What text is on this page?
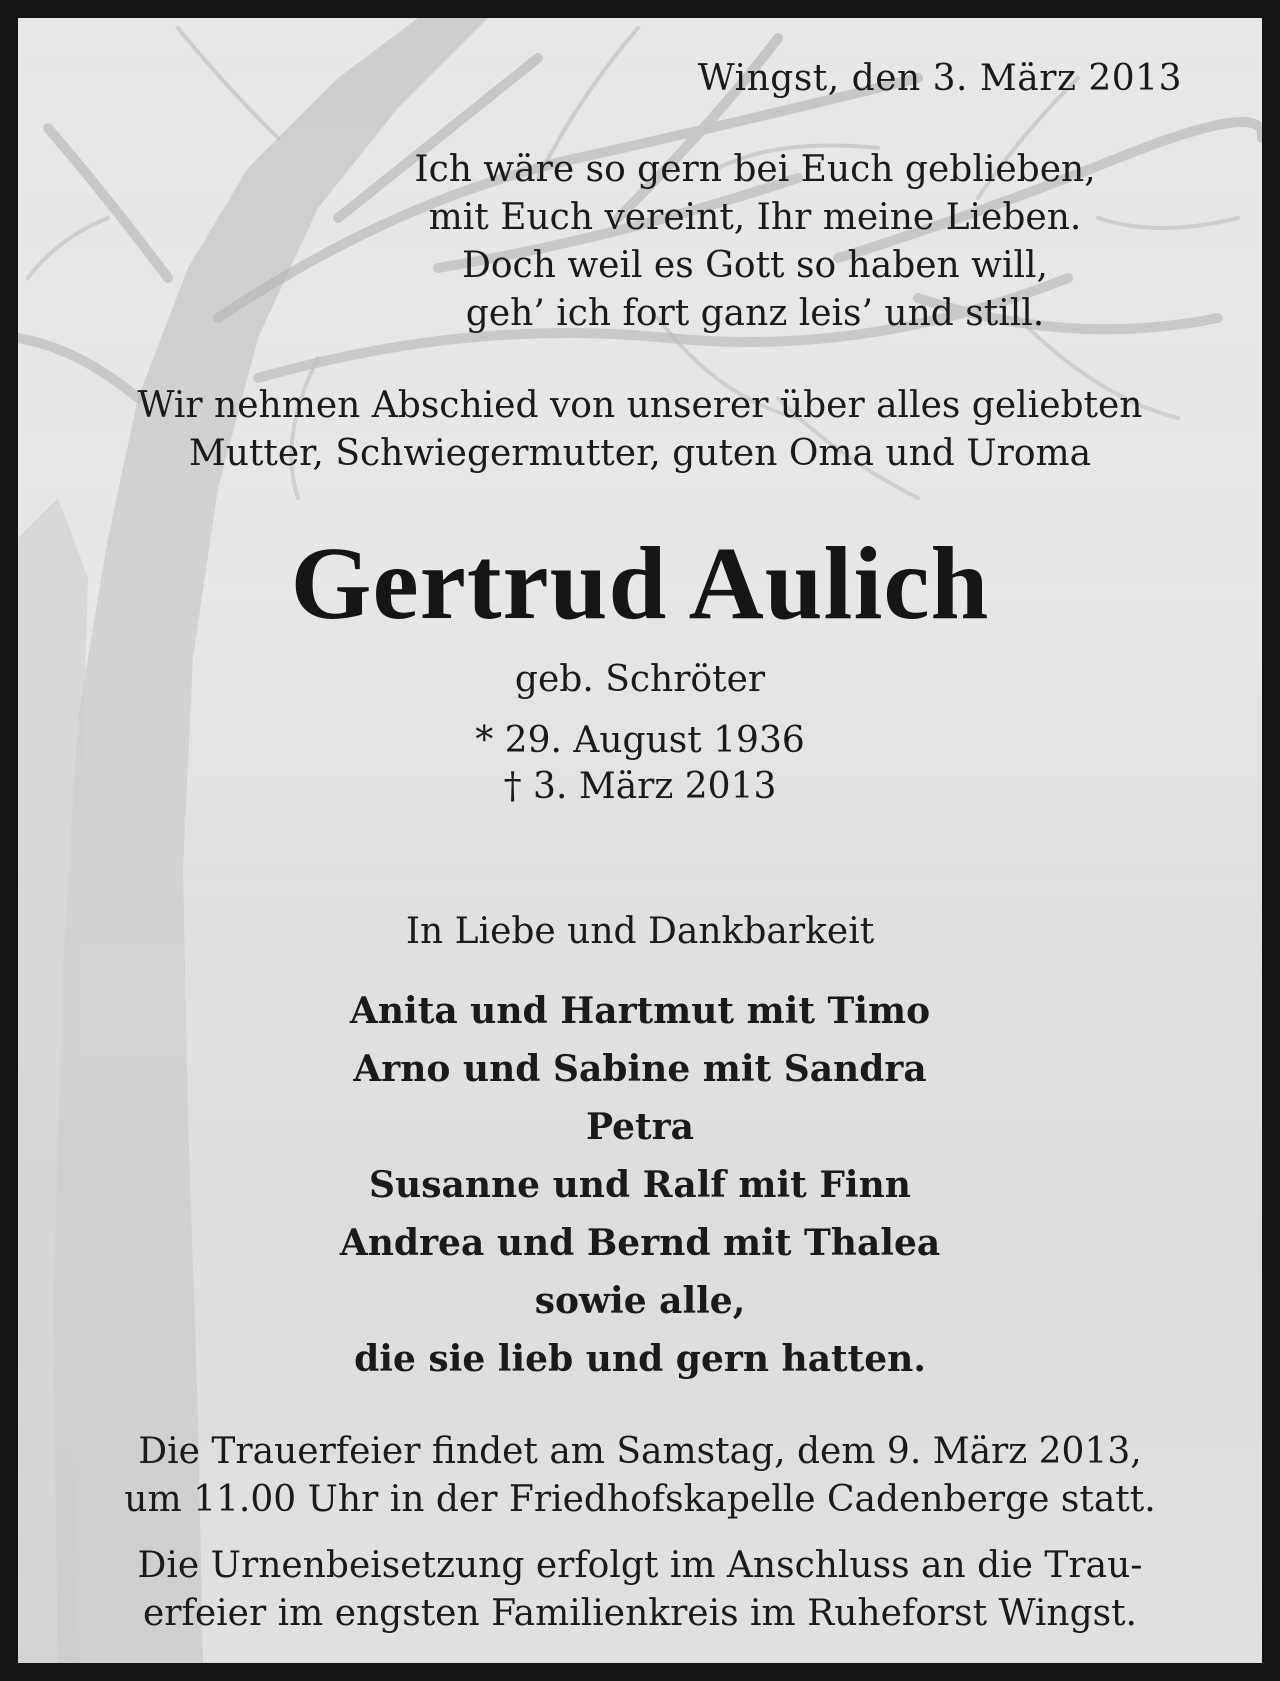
Wingst, den 3. März 2013

Ich wäre so gern bei Euch geblieben,
mit Euch vereint, Ihr meine Lieben.
Doch weil es Gott so haben will,
geh’ ich fort ganz leis’ und still.
Wir nehmen Abschied von unserer über alles geliebten
Mutter, Schwiegermutter, guten Oma und Uroma
Gertrud Aulich
geb. Schröter
* 29. August 1936
† 3. März 2013
In Liebe und Dankbarkeit
Anita und Hartmut mit Timo
Arno und Sabine mit Sandra
Petra
Susanne und Ralf mit Finn
Andrea und Bernd mit Thalea
sowie alle,
die sie lieb und gern hatten.
Die Trauerfeier findet am Samstag, dem 9. März 2013,
um 11.00 Uhr in der Friedhofskapelle Cadenberge statt.
Die Urnenbeisetzung erfolgt im Anschluss an die Trau-
erfeier im engsten Familienkreis im Ruheforst Wingst.
